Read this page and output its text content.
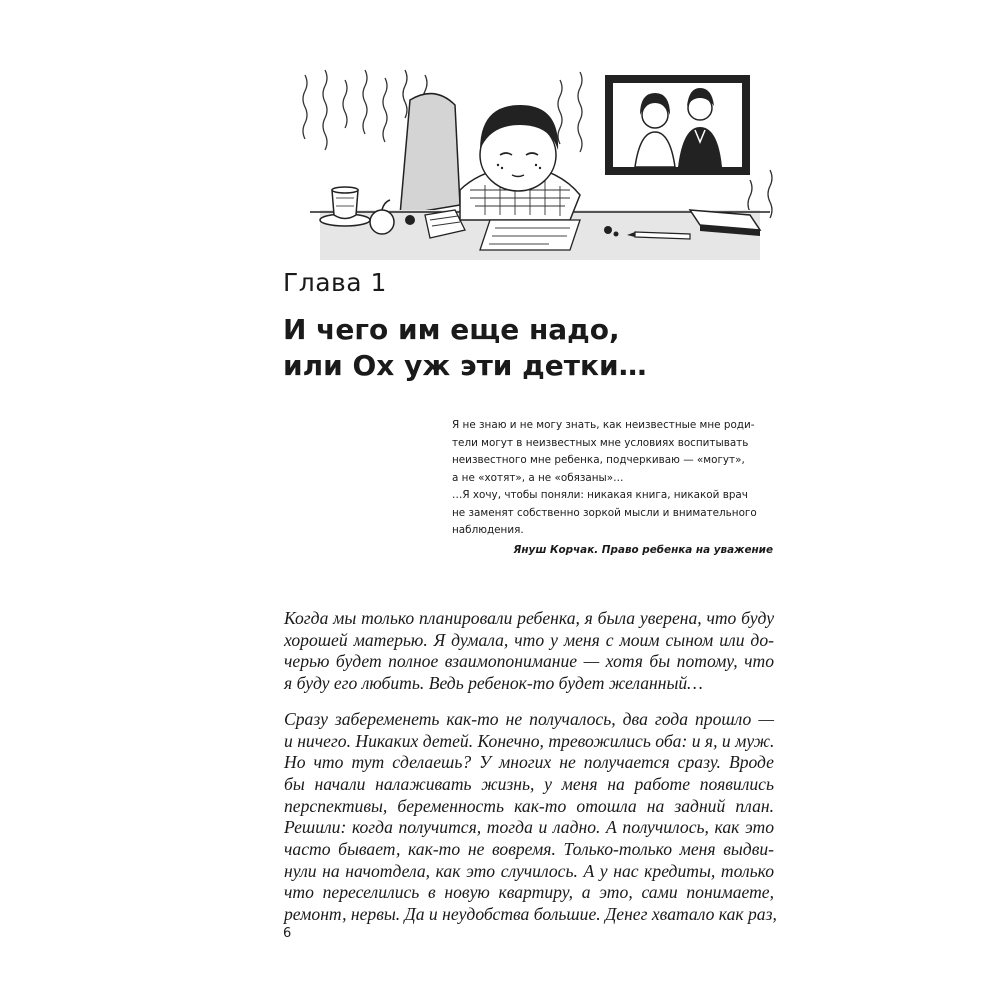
Глава 1
И чего им еще надо,
или Ох уж эти детки…
Я не знаю и не могу знать, как неизвестные мне роди-
тели могут в неизвестных мне условиях воспитывать
неизвестного мне ребенка, подчеркиваю — «могут»,
а не «хотят», а не «обязаны»…
…Я хочу, чтобы поняли: никакая книга, никакой врач
не заменят собственно зоркой мысли и внимательного
наблюдения.
Януш Корчак. Право ребенка на уважение
Когда мы только планировали ребенка, я была уверена, что буду
хорошей матерью. Я думала, что у меня с моим сыном или до-
черью будет полное взаимопонимание — хотя бы потому, что
я буду его любить. Ведь ребенок-то будет желанный…
Сразу забеременеть как-то не получалось, два года прошло —
и ничего. Никаких детей. Конечно, тревожились оба: и я, и муж.
Но что тут сделаешь? У многих не получается сразу. Вроде
бы начали налаживать жизнь, у меня на работе появились
перспективы, беременность как-то отошла на задний план.
Решили: когда получится, тогда и ладно. А получилось, как это
часто бывает, как-то не вовремя. Только-только меня выдви-
нули на начотдела, как это случилось. А у нас кредиты, только
что переселились в новую квартиру, а это, сами понимаете,
ремонт, нервы. Да и неудобства большие. Денег хватало как раз,
6
